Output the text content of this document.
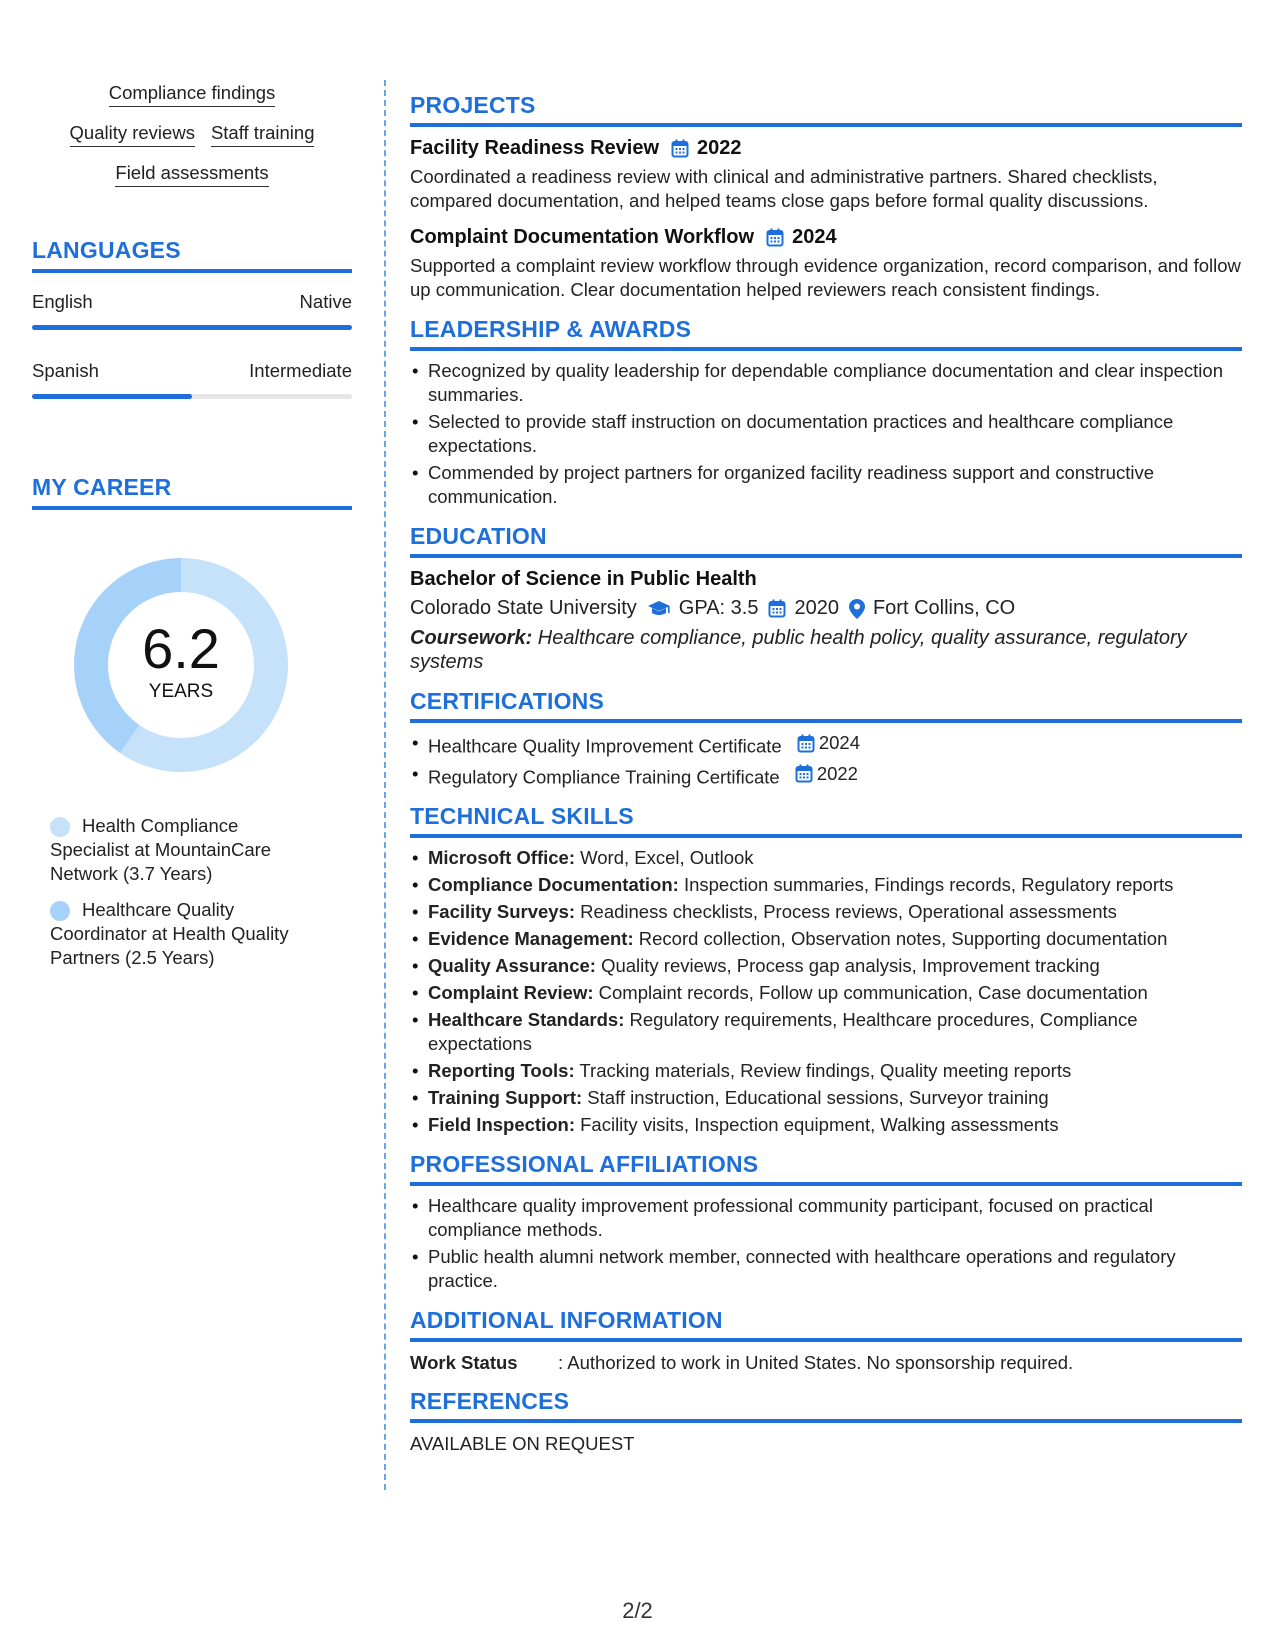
Compliance findings
Quality reviews Staff training
Field assessments
LANGUAGES
English	Native
Spanish	Intermediate
MY CAREER
6.2
YEARS
Health Compliance Specialist at MountainCare Network (3.7 Years)
Healthcare Quality Coordinator at Health Quality Partners (2.5 Years)
PROJECTS
Facility Readiness Review 2022
Coordinated a readiness review with clinical and administrative partners. Shared checklists, compared documentation, and helped teams close gaps before formal quality discussions.
Complaint Documentation Workflow 2024
Supported a complaint review workflow through evidence organization, record comparison, and follow up communication. Clear documentation helped reviewers reach consistent findings.
LEADERSHIP & AWARDS
• Recognized by quality leadership for dependable compliance documentation and clear inspection summaries.
• Selected to provide staff instruction on documentation practices and healthcare compliance expectations.
• Commended by project partners for organized facility readiness support and constructive communication.
EDUCATION
Bachelor of Science in Public Health
Colorado State University GPA: 3.5 2020 Fort Collins, CO
Coursework: Healthcare compliance, public health policy, quality assurance, regulatory systems
CERTIFICATIONS
• Healthcare Quality Improvement Certificate 2024
• Regulatory Compliance Training Certificate 2022
TECHNICAL SKILLS
• Microsoft Office: Word, Excel, Outlook
• Compliance Documentation: Inspection summaries, Findings records, Regulatory reports
• Facility Surveys: Readiness checklists, Process reviews, Operational assessments
• Evidence Management: Record collection, Observation notes, Supporting documentation
• Quality Assurance: Quality reviews, Process gap analysis, Improvement tracking
• Complaint Review: Complaint records, Follow up communication, Case documentation
• Healthcare Standards: Regulatory requirements, Healthcare procedures, Compliance expectations
• Reporting Tools: Tracking materials, Review findings, Quality meeting reports
• Training Support: Staff instruction, Educational sessions, Surveyor training
• Field Inspection: Facility visits, Inspection equipment, Walking assessments
PROFESSIONAL AFFILIATIONS
• Healthcare quality improvement professional community participant, focused on practical compliance methods.
• Public health alumni network member, connected with healthcare operations and regulatory practice.
ADDITIONAL INFORMATION
Work Status	: Authorized to work in United States. No sponsorship required.
REFERENCES
AVAILABLE ON REQUEST
2/2
